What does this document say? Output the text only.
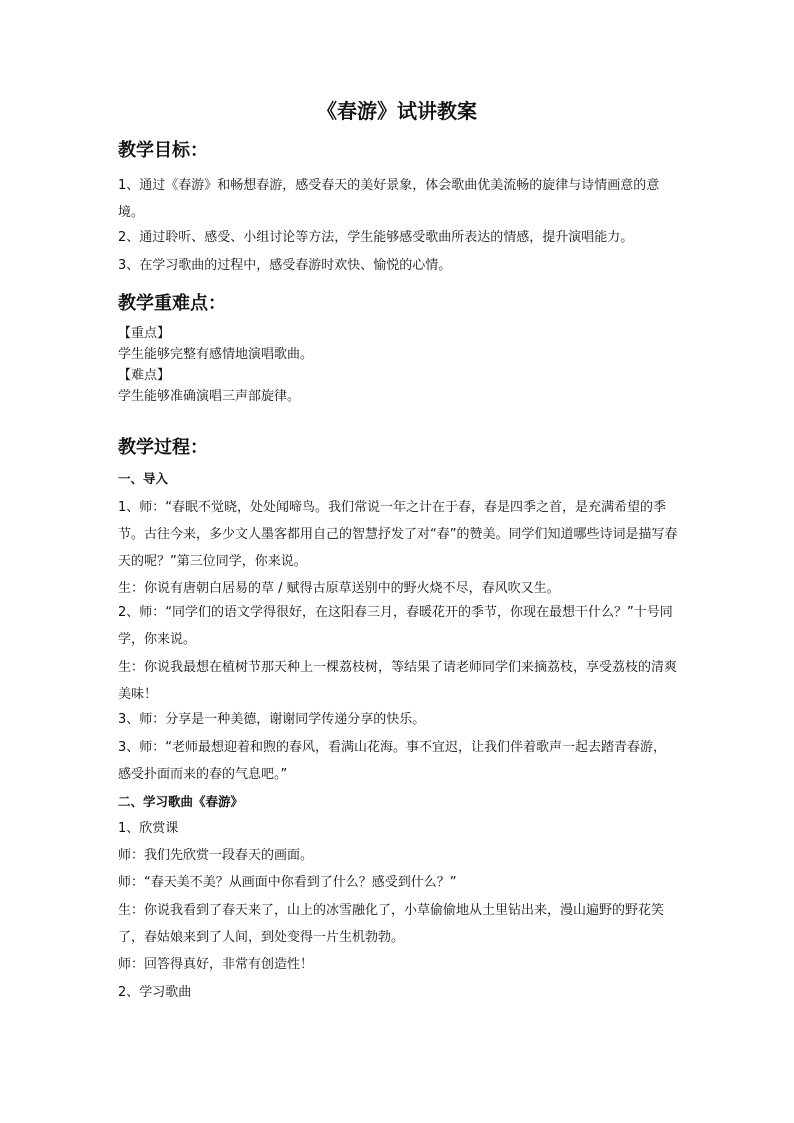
《春游》试讲教案
教学目标：
1、通过《春游》和畅想春游，感受春天的美好景象，体会歌曲优美流畅的旋律与诗情画意的意境。
2、通过聆听、感受、小组讨论等方法，学生能够感受歌曲所表达的情感，提升演唱能力。
3、在学习歌曲的过程中，感受春游时欢快、愉悦的心情。
教学重难点：
【重点】
学生能够完整有感情地演唱歌曲。
【难点】
学生能够准确演唱三声部旋律。
教学过程：
一、导入
1、师：“春眠不觉晓，处处闻啼鸟。我们常说一年之计在于春，春是四季之首，是充满希望的季节。古往今来，多少文人墨客都用自己的智慧抒发了对“春”的赞美。同学们知道哪些诗词是描写春天的呢？”第三位同学，你来说。
生：你说有唐朝白居易的草 / 赋得古原草送别中的野火烧不尽，春风吹又生。
2、师：“同学们的语文学得很好，在这阳春三月，春暖花开的季节，你现在最想干什么？”十号同学，你来说。
生：你说我最想在植树节那天种上一棵荔枝树，等结果了请老师同学们来摘荔枝，享受荔枝的清爽美味！
3、师：分享是一种美德，谢谢同学传递分享的快乐。
3、师：“老师最想迎着和煦的春风，看满山花海。事不宜迟，让我们伴着歌声一起去踏青春游，感受扑面而来的春的气息吧。”
二、学习歌曲《春游》
1、欣赏课
师：我们先欣赏一段春天的画面。
师：“春天美不美？从画面中你看到了什么？感受到什么？”
生：你说我看到了春天来了，山上的冰雪融化了，小草偷偷地从土里钻出来，漫山遍野的野花笑了，春姑娘来到了人间，到处变得一片生机勃勃。
师：回答得真好，非常有创造性！
2、学习歌曲
